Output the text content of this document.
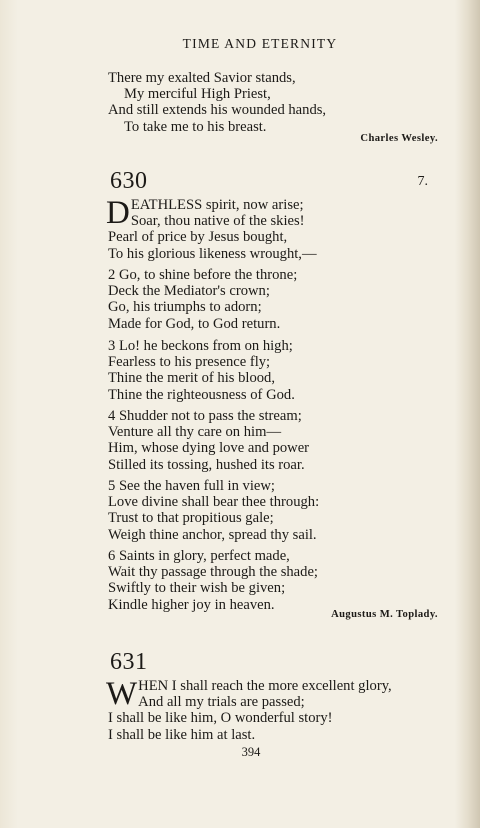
TIME AND ETERNITY
There my exalted Savior stands,
My merciful High Priest,
And still extends his wounded hands,
To take me to his breast.
Charles Wesley.
630	7.
D EATHLESS spirit, now arise;
Soar, thou native of the skies!
Pearl of price by Jesus bought,
To his glorious likeness wrought,—
2 Go, to shine before the throne;
Deck the Mediator's crown;
Go, his triumphs to adorn;
Made for God, to God return.
3 Lo! he beckons from on high;
Fearless to his presence fly;
Thine the merit of his blood,
Thine the righteousness of God.
4 Shudder not to pass the stream;
Venture all thy care on him—
Him, whose dying love and power
Stilled its tossing, hushed its roar.
5 See the haven full in view;
Love divine shall bear thee through:
Trust to that propitious gale;
Weigh thine anchor, spread thy sail.
6 Saints in glory, perfect made,
Wait thy passage through the shade;
Swiftly to their wish be given;
Kindle higher joy in heaven.
Augustus M. Toplady.
631
W HEN I shall reach the more excellent glory,
And all my trials are passed;
I shall be like him, O wonderful story!
I shall be like him at last.
394
